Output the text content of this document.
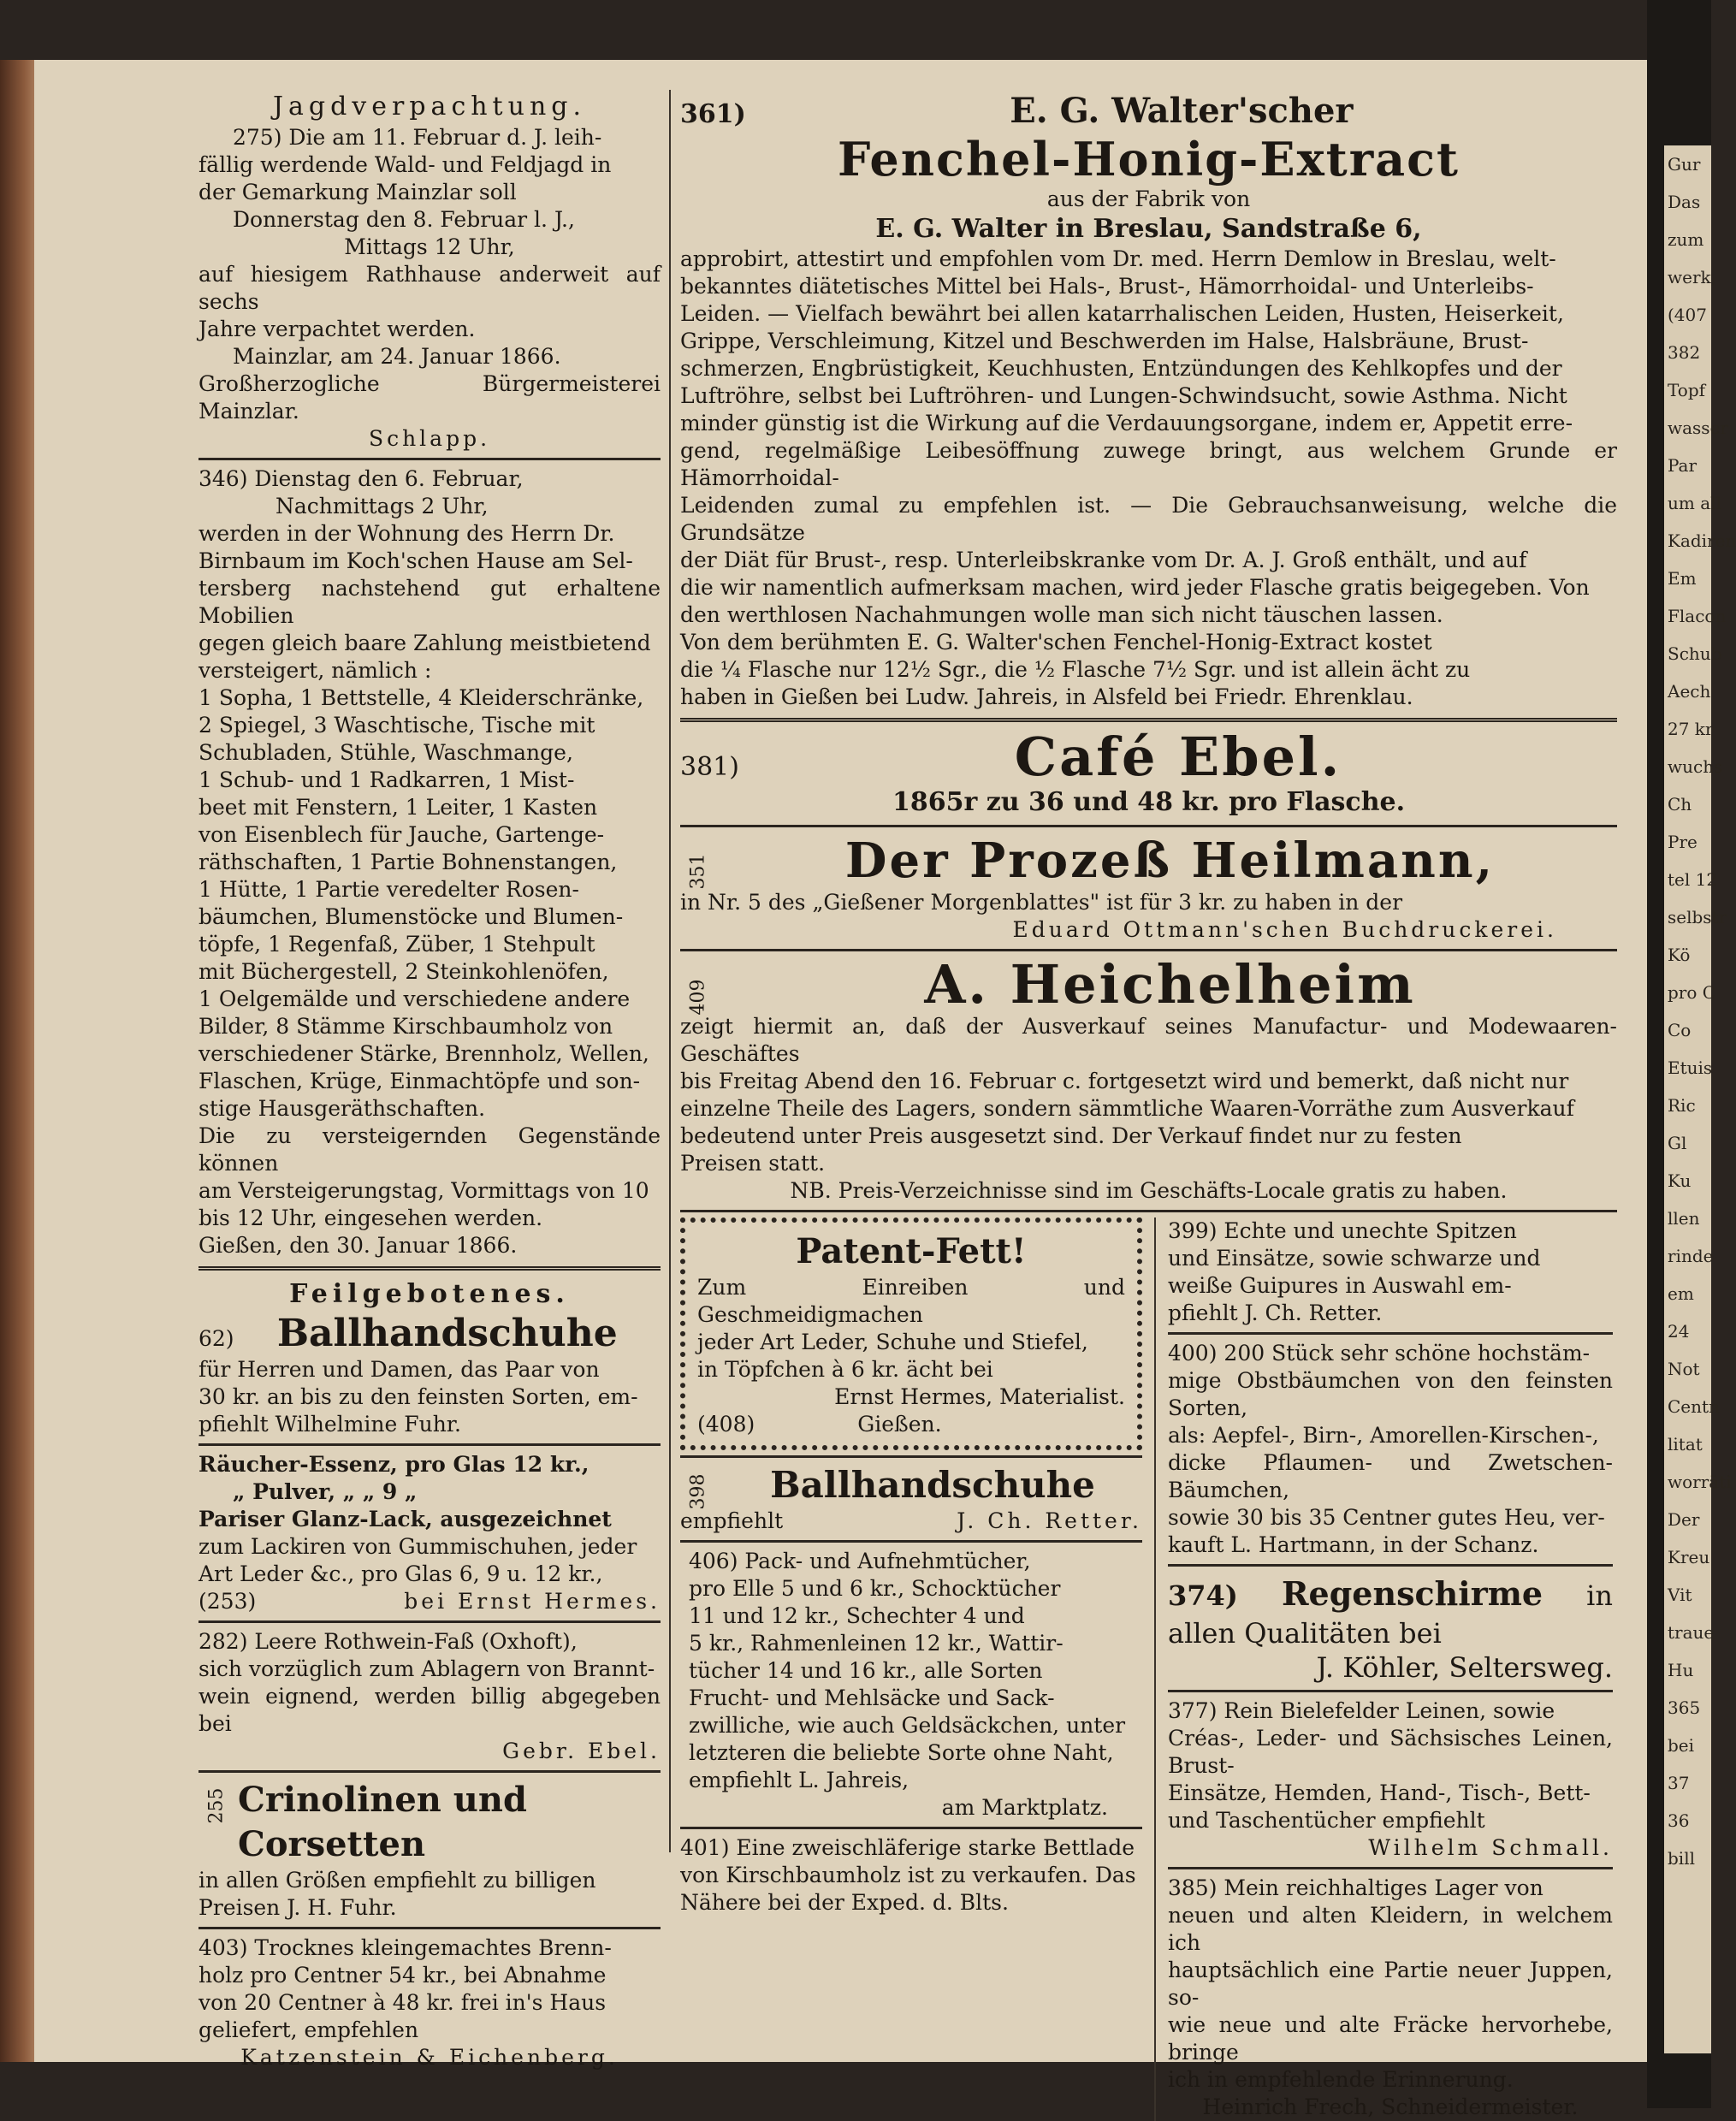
Gur
Das
zum
werk,
(407
382
Topf
wasser
Par
um all
Kadiren
Em
Flacon
Schub
Aech
27 kr
wuchs
Ch
Pre
tel 12
selbstr
Kö
pro C
Co
Etuis
Ric
Gl
Ku
llen
rinde
em
24
Not
Centn
litat
worräti
Der
Kreu
Vit
traue
Hu
365
bei
37
36
bill

Jagdverpachtung.

275) Die am 11. Februar d. J. leih-

fällig werdende Wald- und Feldjagd in

der Gemarkung Mainzlar soll

Donnerstag den 8. Februar l. J.,

Mittags 12 Uhr,

auf hiesigem Rathhause anderweit auf sechs

Jahre verpachtet werden.

Mainzlar, am 24. Januar 1866.

Großherzogliche Bürgermeisterei Mainzlar.

Schlapp.

346) Dienstag den 6. Februar,

Nachmittags 2 Uhr,

werden in der Wohnung des Herrn Dr.

Birnbaum im Koch'schen Hause am Sel-

tersberg nachstehend gut erhaltene Mobilien

gegen gleich baare Zahlung meistbietend

versteigert, nämlich :

1 Sopha, 1 Bettstelle, 4 Kleiderschränke,

2 Spiegel, 3 Waschtische, Tische mit

Schubladen, Stühle, Waschmange,

1 Schub- und 1 Radkarren, 1 Mist-

beet mit Fenstern, 1 Leiter, 1 Kasten

von Eisenblech für Jauche, Gartenge-

räthschaften, 1 Partie Bohnenstangen,

1 Hütte, 1 Partie veredelter Rosen-

bäumchen, Blumenstöcke und Blumen-

töpfe, 1 Regenfaß, Züber, 1 Stehpult

mit Büchergestell, 2 Steinkohlenöfen,

1 Oelgemälde und verschiedene andere

Bilder, 8 Stämme Kirschbaumholz von

verschiedener Stärke, Brennholz, Wellen,

Flaschen, Krüge, Einmachtöpfe und son-

stige Hausgeräthschaften.

Die zu versteigernden Gegenstände können

am Versteigerungstag, Vormittags von 10

bis 12 Uhr, eingesehen werden.

Gießen, den 30. Januar 1866.

Feilgebotenes.

62)	Ballhandschuhe

für Herren und Damen, das Paar von

30 kr. an bis zu den feinsten Sorten, em-

pfiehlt Wilhelmine Fuhr.

Räucher-Essenz, pro Glas 12 kr.,

„ Pulver, „ „ 9 „

Pariser Glanz-Lack, ausgezeichnet

zum Lackiren von Gummischuhen, jeder

Art Leder &c., pro Glas 6, 9 u. 12 kr.,

(253)	bei Ernst Hermes.

282) Leere Rothwein-Faß (Oxhoft),

sich vorzüglich zum Ablagern von Brannt-

wein eignend, werden billig abgegeben bei

Gebr. Ebel.

255 Crinolinen und Corsetten

in allen Größen empfiehlt zu billigen

Preisen J. H. Fuhr.

403) Trocknes kleingemachtes Brenn-

holz pro Centner 54 kr., bei Abnahme

von 20 Centner à 48 kr. frei in's Haus

geliefert, empfehlen

Katzenstein & Eichenberg.

361)	E. G. Walter'scher

Fenchel-Honig-Extract

aus der Fabrik von

E. G. Walter in Breslau, Sandstraße 6,

approbirt, attestirt und empfohlen vom Dr. med. Herrn Demlow in Breslau, welt-

bekanntes diätetisches Mittel bei Hals-, Brust-, Hämorrhoidal- und Unterleibs-

Leiden. — Vielfach bewährt bei allen katarrhalischen Leiden, Husten, Heiserkeit,

Grippe, Verschleimung, Kitzel und Beschwerden im Halse, Halsbräune, Brust-

schmerzen, Engbrüstigkeit, Keuchhusten, Entzündungen des Kehlkopfes und der

Luftröhre, selbst bei Luftröhren- und Lungen-Schwindsucht, sowie Asthma. Nicht

minder günstig ist die Wirkung auf die Verdauungsorgane, indem er, Appetit erre-

gend, regelmäßige Leibesöffnung zuwege bringt, aus welchem Grunde er Hämorrhoidal-

Leidenden zumal zu empfehlen ist. — Die Gebrauchsanweisung, welche die Grundsätze

der Diät für Brust-, resp. Unterleibskranke vom Dr. A. J. Groß enthält, und auf

die wir namentlich aufmerksam machen, wird jeder Flasche gratis beigegeben. Von

den werthlosen Nachahmungen wolle man sich nicht täuschen lassen.

Von dem berühmten E. G. Walter'schen Fenchel-Honig-Extract kostet

die ¼ Flasche nur 12½ Sgr., die ½ Flasche 7½ Sgr. und ist allein ächt zu

haben in Gießen bei Ludw. Jahreis, in Alsfeld bei Friedr. Ehrenklau.

381)	Café Ebel.

1865r zu 36 und 48 kr. pro Flasche.

351	Der Prozeß Heilmann,

in Nr. 5 des „Gießener Morgenblattes" ist für 3 kr. zu haben in der

Eduard Ottmann'schen Buchdruckerei.

409	A. Heichelheim

zeigt hiermit an, daß der Ausverkauf seines Manufactur- und Modewaaren-Geschäftes

bis Freitag Abend den 16. Februar c. fortgesetzt wird und bemerkt, daß nicht nur

einzelne Theile des Lagers, sondern sämmtliche Waaren-Vorräthe zum Ausverkauf

bedeutend unter Preis ausgesetzt sind. Der Verkauf findet nur zu festen

Preisen statt.

NB. Preis-Verzeichnisse sind im Geschäfts-Locale gratis zu haben.

Patent-Fett!

Zum Einreiben und Geschmeidigmachen

jeder Art Leder, Schuhe und Stiefel,

in Töpfchen à 6 kr. ächt bei

Ernst Hermes, Materialist.

(408)	Gießen.
398	Ballhandschuhe
empfiehlt	J. Ch. Retter.

406) Pack- und Aufnehmtücher,

pro Elle 5 und 6 kr., Schocktücher

11 und 12 kr., Schechter 4 und

5 kr., Rahmenleinen 12 kr., Wattir-

tücher 14 und 16 kr., alle Sorten

Frucht- und Mehlsäcke und Sack-

zwilliche, wie auch Geldsäckchen, unter

letzteren die beliebte Sorte ohne Naht,

empfiehlt L. Jahreis,

am Marktplatz.

401) Eine zweischläferige starke Bettlade

von Kirschbaumholz ist zu verkaufen. Das

Nähere bei der Exped. d. Blts.

399) Echte und unechte Spitzen

und Einsätze, sowie schwarze und

weiße Guipures in Auswahl em-

pfiehlt J. Ch. Retter.

400) 200 Stück sehr schöne hochstäm-

mige Obstbäumchen von den feinsten Sorten,

als: Aepfel-, Birn-, Amorellen-Kirschen-,

dicke Pflaumen- und Zwetschen-Bäumchen,

sowie 30 bis 35 Centner gutes Heu, ver-

kauft L. Hartmann, in der Schanz.

374) Regenschirme in

allen Qualitäten bei

J. Köhler, Seltersweg.

377) Rein Bielefelder Leinen, sowie

Créas-, Leder- und Sächsisches Leinen, Brust-

Einsätze, Hemden, Hand-, Tisch-, Bett-

und Taschentücher empfiehlt

Wilhelm Schmall.

385) Mein reichhaltiges Lager von

neuen und alten Kleidern, in welchem ich

hauptsächlich eine Partie neuer Juppen, so-

wie neue und alte Fräcke hervorhebe, bringe

ich in empfehlende Erinnerung.

Heinrich Frech, Schneidermeister.
